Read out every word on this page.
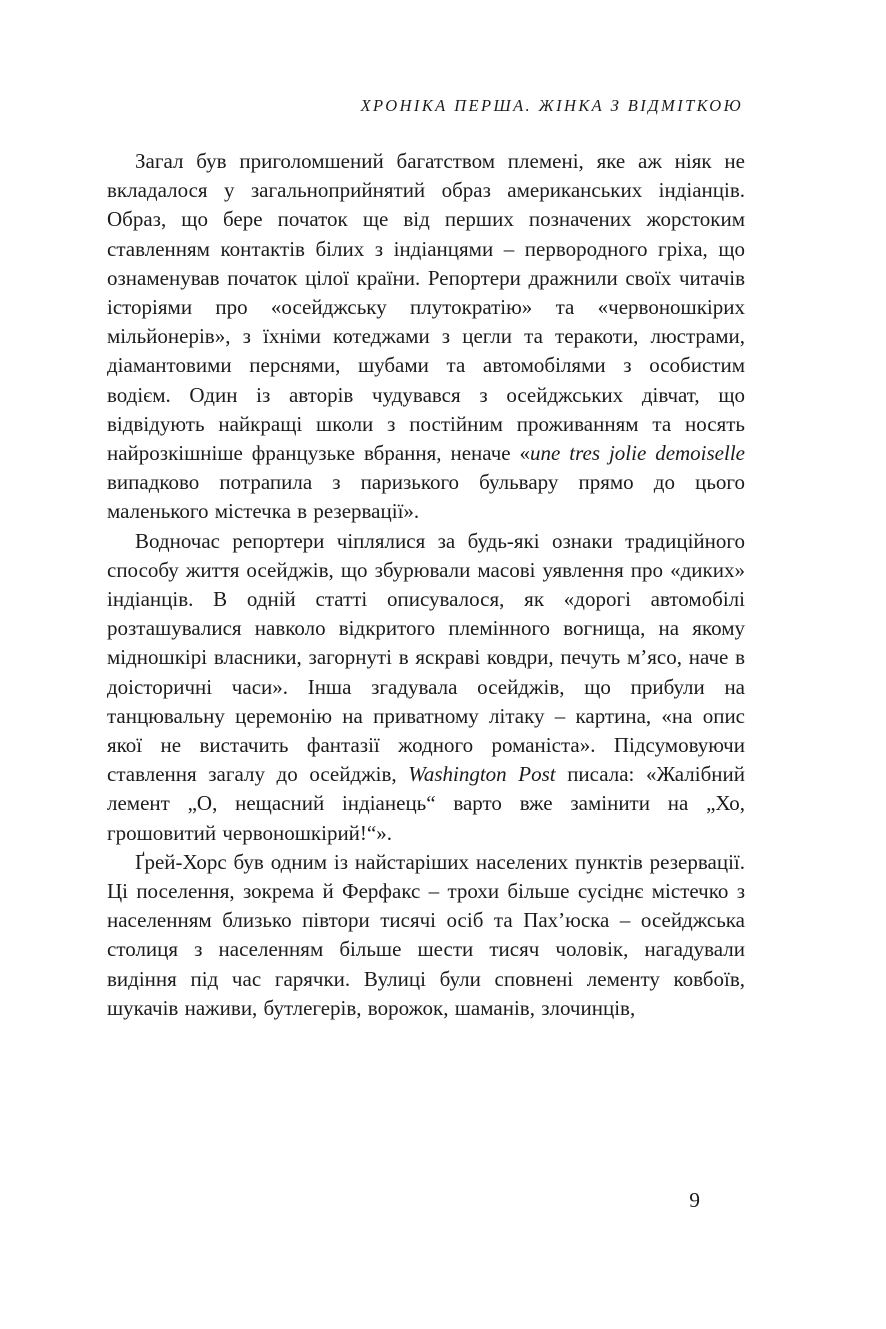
ХРОНІКА ПЕРША. ЖІНКА З ВІДМІТКОЮ

Загал був приголомшений багатством племені, яке аж ніяк не вкладалося у загальноприйнятий образ американських індіанців. Образ, що бере початок ще від перших позначених жорстоким ставленням контактів білих з індіанцями – первородного гріха, що ознаменував початок цілої країни. Репортери дражнили своїх читачів історіями про «осейджську плутократію» та «червоношкірих мільйонерів», з їхніми котеджами з цегли та теракоти, люстрами, діамантовими перснями, шубами та автомобілями з особистим водієм. Один із авторів чудувався з осейджських дівчат, що відвідують найкращі школи з постійним проживанням та носять найрозкішніше французьке вбрання, неначе «une tres jolie demoiselle випадково потрапила з паризького бульвару прямо до цього маленького містечка в резервації».

Водночас репортери чіплялися за будь-які ознаки традиційного способу життя осейджів, що збурювали масові уявлення про «диких» індіанців. В одній статті описувалося, як «дорогі автомобілі розташувалися навколо відкритого племінного вогнища, на якому мідношкірі власники, загорнуті в яскраві ковдри, печуть м’ясо, наче в доісторичні часи». Інша згадувала осейджів, що прибули на танцювальну церемонію на приватному літаку – картина, «на опис якої не вистачить фантазії жодного романіста». Підсумовуючи ставлення загалу до осейджів, Washington Post писала: «Жалібний лемент „О, нещасний індіанець“ варто вже замінити на „Хо, грошовитий червоношкірий!“».

Ґрей-Хорс був одним із найстаріших населених пунктів резервації. Ці поселення, зокрема й Ферфакс – трохи більше сусіднє містечко з населенням близько півтори тисячі осіб та Пах’юска – осейджська столиця з населенням більше шести тисяч чоловік, нагадували видіння під час гарячки. Вулиці були сповнені лементу ковбоїв, шукачів наживи, бутлегерів, ворожок, шаманів, злочинців,

9
